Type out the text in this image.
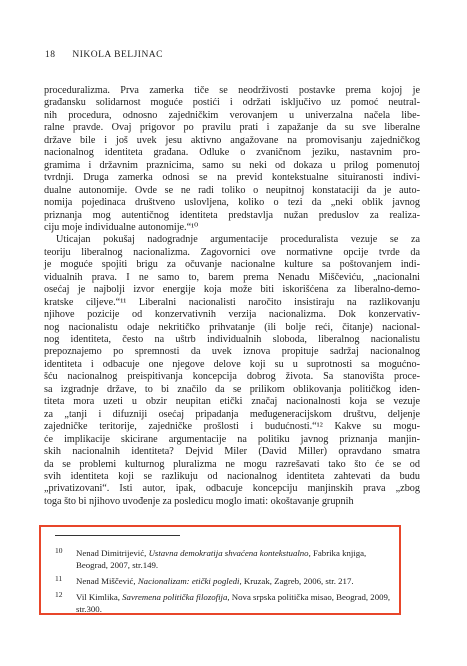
18 NIKOLA BELJINAC
proceduralizma. Prva zamerka tiče se neodrživosti postavke prema kojoj je
građansku solidarnost moguće postići i održati isključivo uz pomoć neutral-
nih procedura, odnosno zajedničkim verovanjem u univerzalna načela libe-
ralne pravde. Ovaj prigovor po pravilu prati i zapažanje da su sve liberalne
države bile i još uvek jesu aktivno angažovane na promovisanju zajedničkog
nacionalnog identiteta građana. Odluke o zvaničnom jeziku, nastavnim pro-
gramima i državnim praznicima, samo su neki od dokaza u prilog pomenutoj
tvrdnji. Druga zamerka odnosi se na previd kontekstualne situiranosti indivi-
dualne autonomije. Ovde se ne radi toliko o neupitnoj konstataciji da je auto-
nomija pojedinaca društveno uslovljena, koliko o tezi da „neki oblik javnog
priznanja mog autentičnog identiteta predstavlja nužan preduslov za realiza-
ciju moje individualne autonomije.“¹⁰
Uticajan pokušaj nadogradnje argumentacije proceduralista vezuje se za
teoriju liberalnog nacionalizma. Zagovornici ove normativne opcije tvrde da
je moguće spojiti brigu za očuvanje nacionalne kulture sa poštovanjem indi-
vidualnih prava. I ne samo to, barem prema Nenadu Miščeviću, „nacionalni
osećaj je najbolji izvor energije koja može biti iskorišćena za liberalno-demo-
kratske ciljeve.“¹¹ Liberalni nacionalisti naročito insistiraju na razlikovanju
njihove pozicije od konzervativnih verzija nacionalizma. Dok konzervativ-
nog nacionalistu odaje nekritičko prihvatanje (ili bolje reći, čitanje) nacional-
nog identiteta, često na uštrb individualnih sloboda, liberalnog nacionalistu
prepoznajemo po spremnosti da uvek iznova propituje sadržaj nacionalnog
identiteta i odbacuje one njegove delove koji su u suprotnosti sa mogućno-
šću nacionalnog preispitivanja koncepcija dobrog života. Sa stanovišta proce-
sa izgradnje države, to bi značilo da se prilikom oblikovanja političkog iden-
titeta mora uzeti u obzir neupitan etički značaj nacionalnosti koja se vezuje
za „tanji i difuzniji osećaj pripadanja međugeneracijskom društvu, deljenje
zajedničke teritorije, zajedničke prošlosti i budućnosti.“¹² Kakve su mogu-
će implikacije skicirane argumentacije na politiku javnog priznanja manjin-
skih nacionalnih identiteta? Dejvid Miler (David Miller) opravdano smatra
da se problemi kulturnog pluralizma ne mogu razrešavati tako što će se od
svih identiteta koji se razlikuju od nacionalnog identiteta zahtevati da budu
„privatizovani“. Isti autor, ipak, odbacuje koncepciju manjinskih prava „zbog
toga što bi njihovo uvođenje za posledicu moglo imati: okoštavanje grupnih
10 Nenad Dimitrijević, Ustavna demokratija shvaćena kontekstualno, Fabrika knjiga, Beograd, 2007, str.149.
11 Nenad Miščević, Nacionalizam: etički pogledi, Kruzak, Zagreb, 2006, str. 217.
12 Vil Kimlika, Savremena politička filozofija, Nova srpska politička misao, Beograd, 2009, str.300.
